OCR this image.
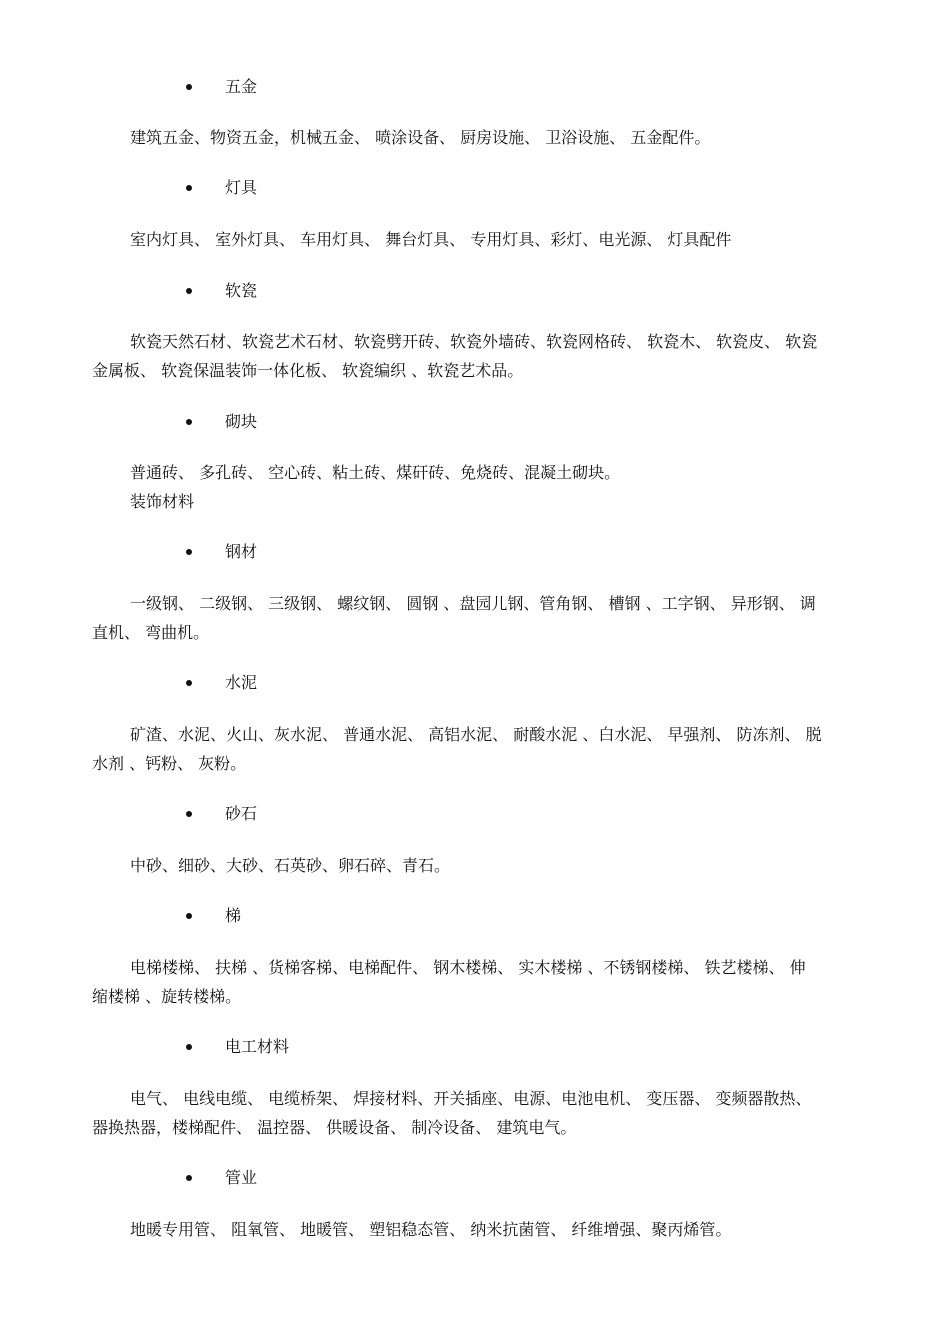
五金
建筑五金、物资五金，机械五金、 喷涂设备、 厨房设施、 卫浴设施、 五金配件。
灯具
室内灯具、 室外灯具、 车用灯具、 舞台灯具、 专用灯具、彩灯、电光源、 灯具配件
软瓷
软瓷天然石材、软瓷艺术石材、软瓷劈开砖、软瓷外墙砖、软瓷网格砖、 软瓷木、 软瓷皮、 软瓷
金属板、 软瓷保温装饰一体化板、 软瓷编织 、软瓷艺术品。
砌块
普通砖、 多孔砖、 空心砖、粘土砖、煤矸砖、免烧砖、混凝土砌块。
装饰材料
钢材
一级钢、 二级钢、 三级钢、 螺纹钢、 圆钢 、盘园儿钢、管角钢、 槽钢 、工字钢、 异形钢、 调
直机、 弯曲机。
水泥
矿渣、水泥、火山、灰水泥、 普通水泥、 高铝水泥、 耐酸水泥 、白水泥、 早强剂、 防冻剂、 脱
水剂 、钙粉、 灰粉。
砂石
中砂、细砂、大砂、石英砂、卵石碎、青石。
梯
电梯楼梯、 扶梯 、货梯客梯、电梯配件、 钢木楼梯、 实木楼梯 、不锈钢楼梯、 铁艺楼梯、 伸
缩楼梯 、旋转楼梯。
电工材料
电气、 电线电缆、 电缆桥架、 焊接材料、开关插座、电源、电池电机、 变压器、 变频器散热、
器换热器，楼梯配件、 温控器、 供暖设备、 制冷设备、 建筑电气。
管业
地暖专用管、 阻氧管、 地暖管、 塑铝稳态管、 纳米抗菌管、 纤维增强、聚丙烯管。
